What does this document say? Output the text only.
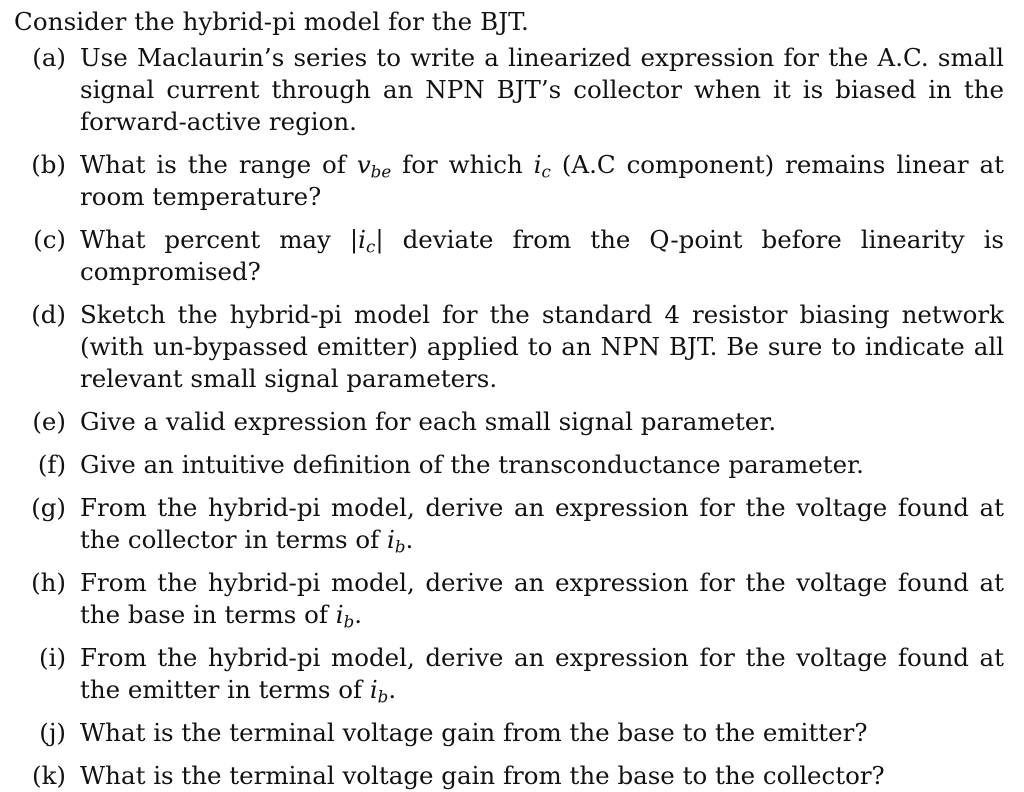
Consider the hybrid-pi model for the BJT.

(a) Use Maclaurin’s series to write a linearized expression for the A.C. small signal current through an NPN BJT’s collector when it is biased in the forward-active region.
(b) What is the range of $v_{be}$ for which $i_c$ (A.C component) remains linear at room temperature?
(c) What percent may $|i_c|$ deviate from the Q-point before linearity is compromised?
(d) Sketch the hybrid-pi model for the standard 4 resistor biasing network (with un-bypassed emitter) applied to an NPN BJT. Be sure to indicate all relevant small signal parameters.
(e) Give a valid expression for each small signal parameter.
(f) Give an intuitive definition of the transconductance parameter.
(g) From the hybrid-pi model, derive an expression for the voltage found at the collector in terms of $i_b$.
(h) From the hybrid-pi model, derive an expression for the voltage found at the base in terms of $i_b$.
(i) From the hybrid-pi model, derive an expression for the voltage found at the emitter in terms of $i_b$.
(j) What is the terminal voltage gain from the base to the emitter?
(k) What is the terminal voltage gain from the base to the collector?
